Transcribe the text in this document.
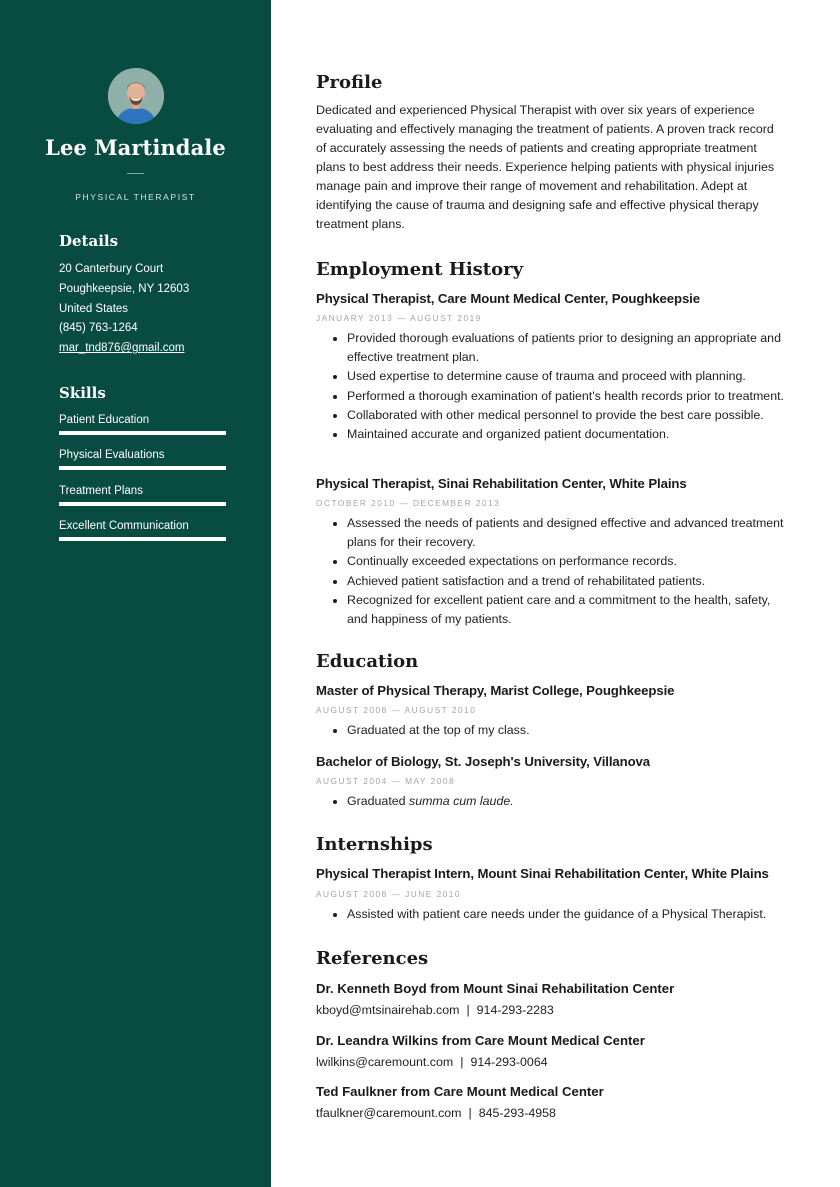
Lee Martindale
PHYSICAL THERAPIST
Details
20 Canterbury Court
Poughkeepsie, NY 12603
United States
(845) 763-1264
mar_tnd876@gmail.com
Skills
Patient Education
Physical Evaluations
Treatment Plans
Excellent Communication
Profile

Dedicated and experienced Physical Therapist with over six years of experience evaluating and effectively managing the treatment of patients. A proven track record of accurately assessing the needs of patients and creating appropriate treatment plans to best address their needs. Experience helping patients with physical injuries manage pain and improve their range of movement and rehabilitation. Adept at identifying the cause of trauma and designing safe and effective physical therapy treatment plans.

Employment History
Physical Therapist, Care Mount Medical Center, Poughkeepsie
JANUARY 2013 — AUGUST 2019
Provided thorough evaluations of patients prior to designing an appropriate and effective treatment plan.
Used expertise to determine cause of trauma and proceed with planning.
Performed a thorough examination of patient's health records prior to treatment.
Collaborated with other medical personnel to provide the best care possible.
Maintained accurate and organized patient documentation.
Physical Therapist, Sinai Rehabilitation Center, White Plains
OCTOBER 2010 — DECEMBER 2013
Assessed the needs of patients and designed effective and advanced treatment plans for their recovery.
Continually exceeded expectations on performance records.
Achieved patient satisfaction and a trend of rehabilitated patients.
Recognized for excellent patient care and a commitment to the health, safety, and happiness of my patients.
Education
Master of Physical Therapy, Marist College, Poughkeepsie
AUGUST 2008 — AUGUST 2010
Graduated at the top of my class.
Bachelor of Biology, St. Joseph's University, Villanova
AUGUST 2004 — MAY 2008
Graduated summa cum laude.
Internships
Physical Therapist Intern, Mount Sinai Rehabilitation Center, White Plains
AUGUST 2008 — JUNE 2010
Assisted with patient care needs under the guidance of a Physical Therapist.
References
Dr. Kenneth Boyd from Mount Sinai Rehabilitation Center
kboyd@mtsinairehab.com | 914-293-2283
Dr. Leandra Wilkins from Care Mount Medical Center
lwilkins@caremount.com | 914-293-0064
Ted Faulkner from Care Mount Medical Center
tfaulkner@caremount.com | 845-293-4958
